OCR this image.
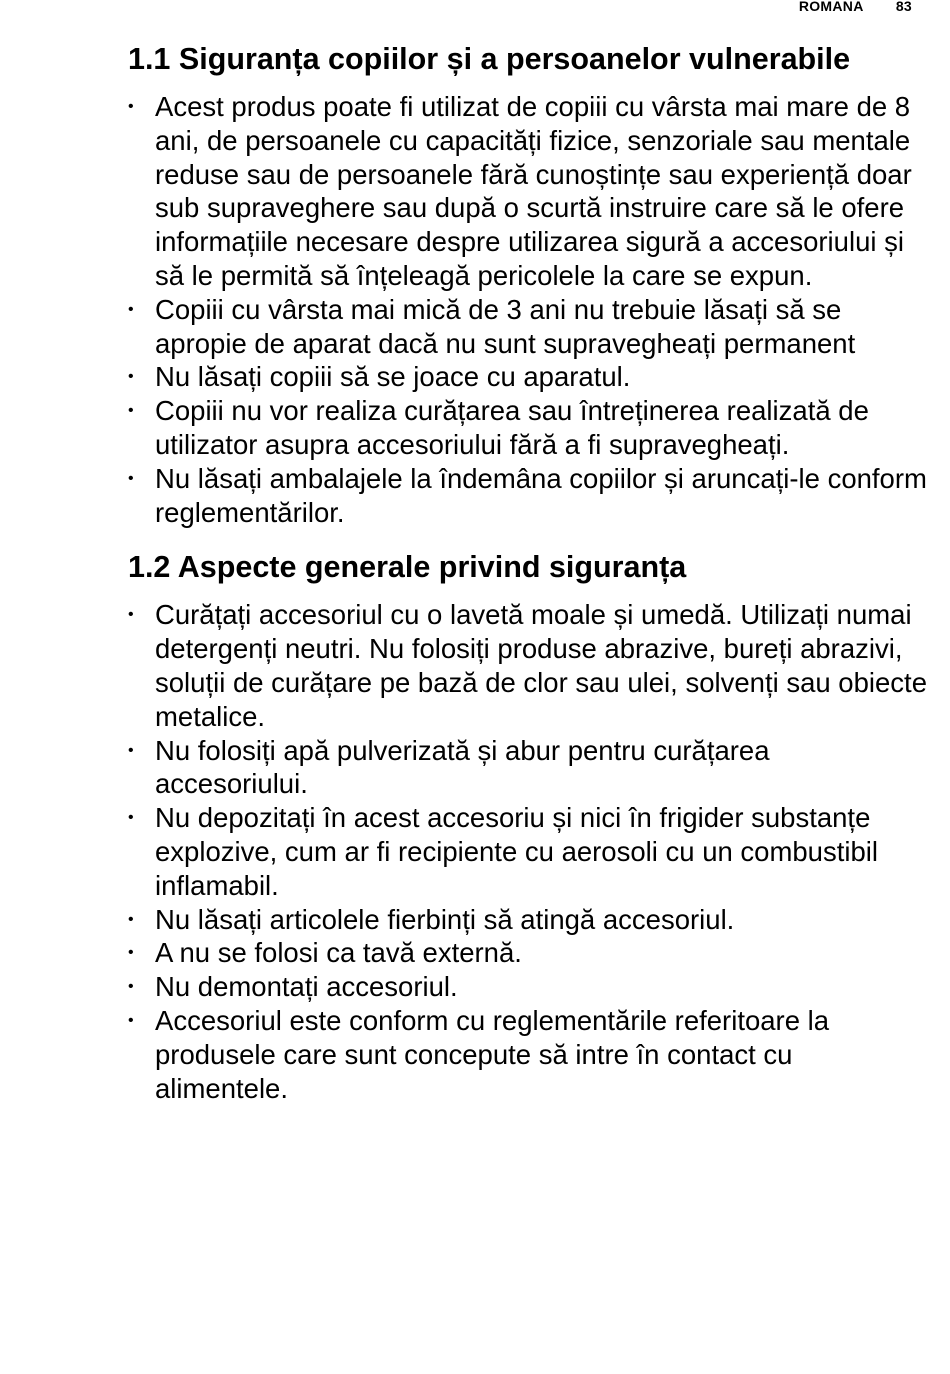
ROMANA 83
1.1 Siguranța copiilor și a persoanelor vulnerabile
• Acest produs poate fi utilizat de copiii cu vârsta mai mare de 8 ani, de persoanele cu capacități fizice, senzoriale sau mentale reduse sau de persoanele fără cunoștințe sau experiență doar sub supraveghere sau după o scurtă instruire care să le ofere informațiile necesare despre utilizarea sigură a accesoriului și să le permită să înțeleagă pericolele la care se expun.
• Copiii cu vârsta mai mică de 3 ani nu trebuie lăsați să se apropie de aparat dacă nu sunt supravegheați permanent
• Nu lăsați copiii să se joace cu aparatul.
• Copiii nu vor realiza curățarea sau întreținerea realizată de utilizator asupra accesoriului fără a fi supravegheați.
• Nu lăsați ambalajele la îndemâna copiilor și aruncați-le conform reglementărilor.
1.2 Aspecte generale privind siguranța
• Curățați accesoriul cu o lavetă moale și umedă. Utilizați numai detergenți neutri. Nu folosiți produse abrazive, bureți abrazivi, soluții de curățare pe bază de clor sau ulei, solvenți sau obiecte metalice.
• Nu folosiți apă pulverizată și abur pentru curățarea accesoriului.
• Nu depozitați în acest accesoriu și nici în frigider substanțe explozive, cum ar fi recipiente cu aerosoli cu un combustibil inflamabil.
• Nu lăsați articolele fierbinți să atingă accesoriul.
• A nu se folosi ca tavă externă.
• Nu demontați accesoriul.
• Accesoriul este conform cu reglementările referitoare la produsele care sunt concepute să intre în contact cu alimentele.
